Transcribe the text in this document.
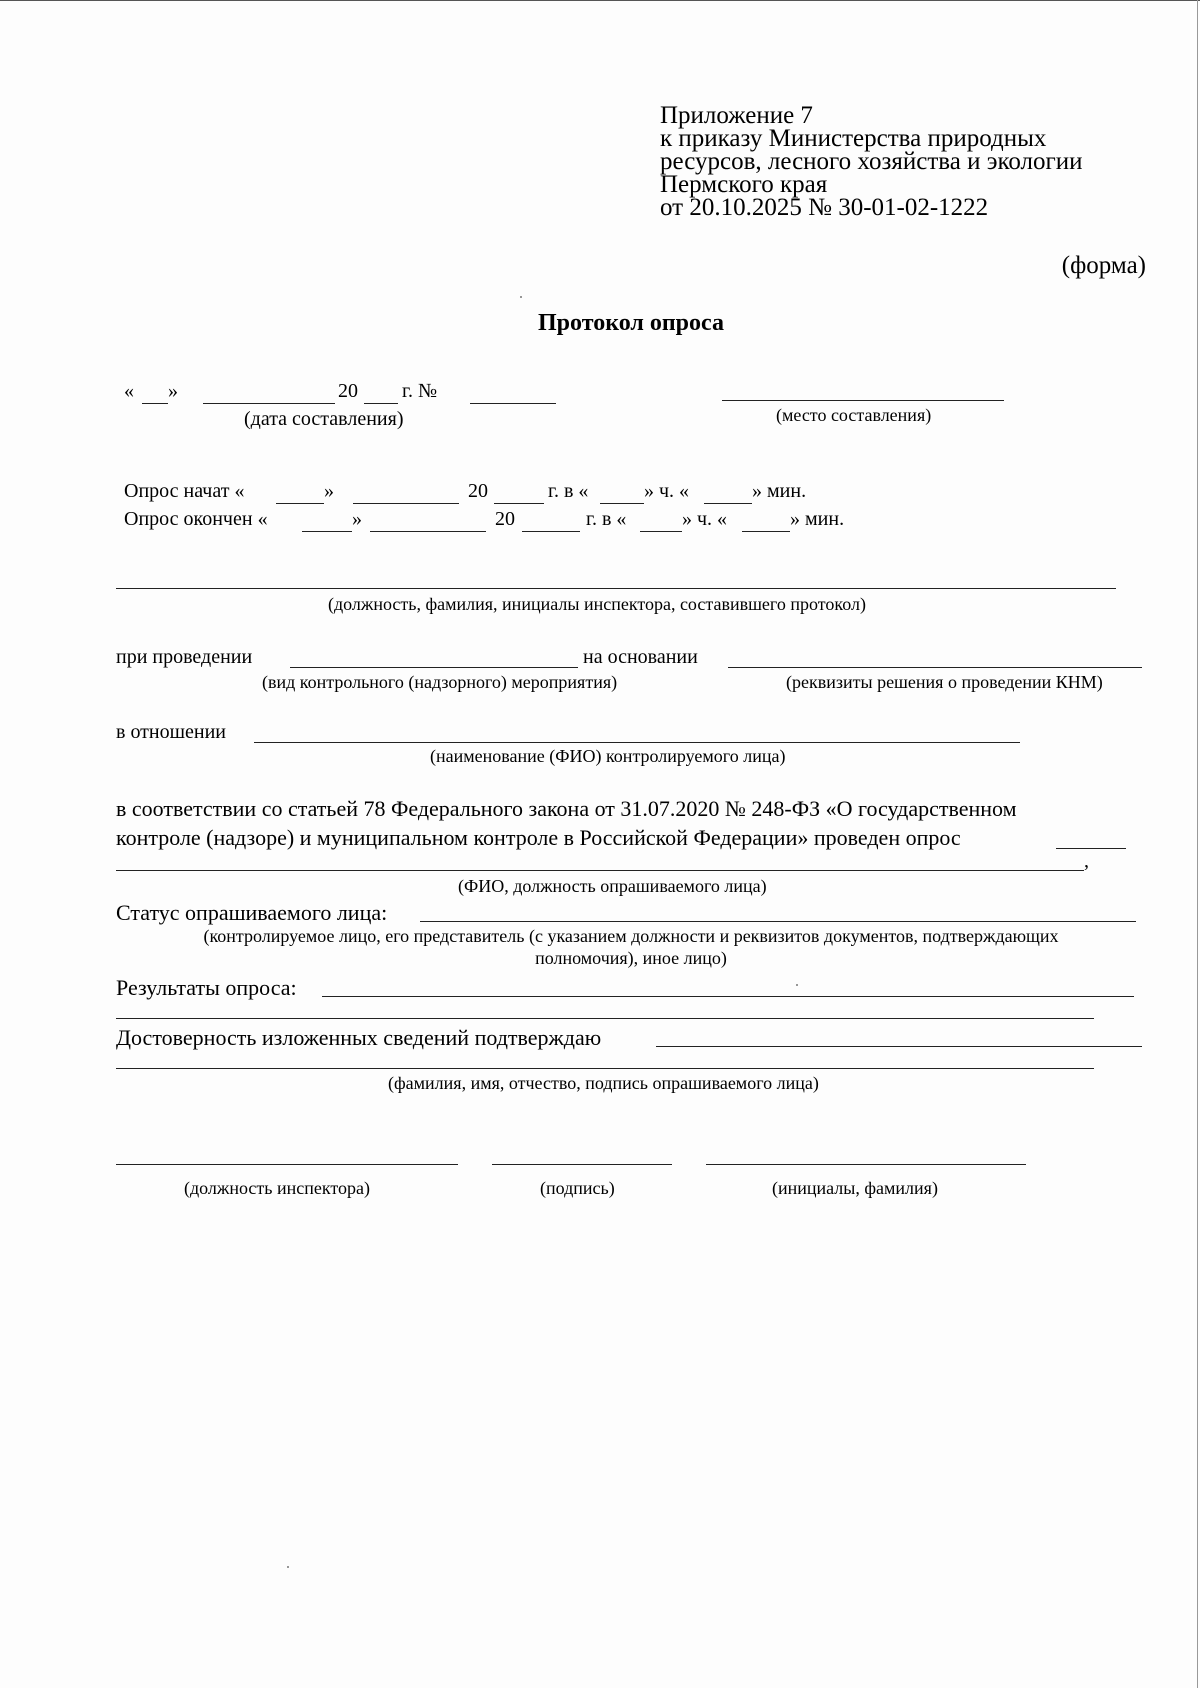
Приложение 7
к приказу Министерства природных
ресурсов, лесного хозяйства и экологии
Пермского края
от 20.10.2025 № 30-01-02-1222
(форма)
Протокол опроса
« »	20 г. №
(дата составления)	(место составления)
Опрос начат «	»	20	г. в «	» ч. «	» мин.
Опрос окончен «	»	20	г. в «	» ч. «	» мин.
(должность, фамилия, инициалы инспектора, составившего протокол)
при проведении	на основании
(вид контрольного (надзорного) мероприятия)	(реквизиты решения о проведении КНМ)
в отношении
(наименование (ФИО) контролируемого лица)
в соответствии со статьей 78 Федерального закона от 31.07.2020 № 248-ФЗ «О государственном
контроле (надзоре) и муниципальном контроле в Российской Федерации» проведен опрос
,
(ФИО, должность опрашиваемого лица)
Статус опрашиваемого лица:
(контролируемое лицо, его представитель (с указанием должности и реквизитов документов, подтверждающих
полномочия), иное лицо)
Результаты опроса:
Достоверность изложенных сведений подтверждаю
(фамилия, имя, отчество, подпись опрашиваемого лица)
(должность инспектора)	(подпись)	(инициалы, фамилия)
